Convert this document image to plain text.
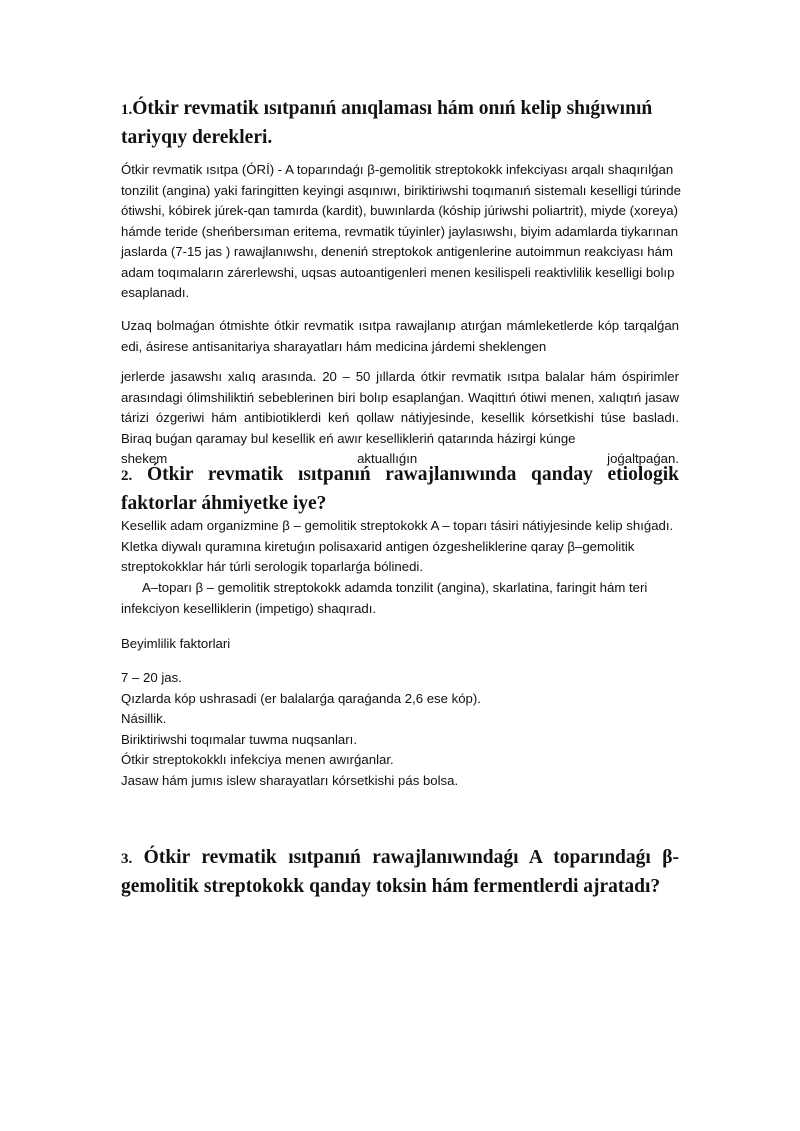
1.Ótkir revmatik ısıtpanıń anıqlaması hám onıń kelip shıǵıwınıń tariyqıy derekleri.

Ótkir revmatik ısıtpa (ÓRÍ) - A toparındaǵı β-gemolitik streptokokk infekciyası arqalı shaqırılǵan tonzilit (angina) yaki faringitten keyingi asqınıwı, biriktiriwshi toqımanıń sistemalı keselligi túrinde ótiwshi, kóbirek júrek-qan tamırda (kardit), buwınlarda (kóship júriwshi poliartrit), miyde (xoreya) hámde teride (sheńbersıman eritema, revmatik túyinler) jaylasıwshı, biyim adamlarda tiykarınan jaslarda (7-15 jas ) rawajlanıwshı, deneniń streptokok antigenlerine autoimmun reakciyası hám adam toqımaların zárerlewshi, uqsas autoantigenleri menen kesilispeli reaktivlilik keselligi bolıp esaplanadı.

Uzaq bolmaǵan ótmishte ótkir revmatik ısıtpa rawajlanıp atırǵan mámleketlerde kóp tarqalǵan edi, ásirese antisanitariya sharayatları hám medicina járdemi sheklengen

jerlerde jasawshı xalıq arasında. 20 – 50 jıllarda ótkir revmatik ısıtpa balalar hám óspirimler arasındagi ólimshiliktiń sebeblerinen biri bolıp esaplanǵan. Waqittıń ótiwi menen, xalıqtıń jasaw tárizi ózgeriwi hám antibiotiklerdi keń qollaw nátiyjesinde, kesellik kórsetkishi túse basladı. Biraq buǵan qaramay bul kesellik eń awır kesellikleriń qatarında házirgi kúnge

shekem aktuallıǵın joǵaltpaǵan.

2. Ótkir revmatik ısıtpanıń rawajlanıwında qanday etiologik faktorlar áhmiyetke iye?

Kesellik adam organizmine β – gemolitik streptokokk A – toparı tásiri nátiyjesinde kelip shıǵadı. Kletka diywalı quramına kiretuǵın polisaxarid antigen ózgesheliklerine qaray β–gemolitik streptokokklar hár túrli serologik toparlarǵa bólinedi.

A–toparı β – gemolitik streptokokk adamda tonzilit (angina), skarlatina, faringit hám teri infekciyon keselliklerin (impetigo) shaqıradı.

Beyimlilik faktorlari

7 – 20 jas.
Qızlarda kóp ushrasadi (er balalarǵa qaraǵanda 2,6 ese kóp).
Násillik.
Biriktiriwshi toqımalar tuwma nuqsanları.
Ótkir streptokokklı infekciya menen awırǵanlar.
Jasaw hám jumıs islew sharayatları kórsetkishi pás bolsa.
3. Ótkir revmatik ısıtpanıń rawajlanıwındaǵı A toparındaǵı β-gemolitik streptokokk qanday toksin hám fermentlerdi ajratadı?
